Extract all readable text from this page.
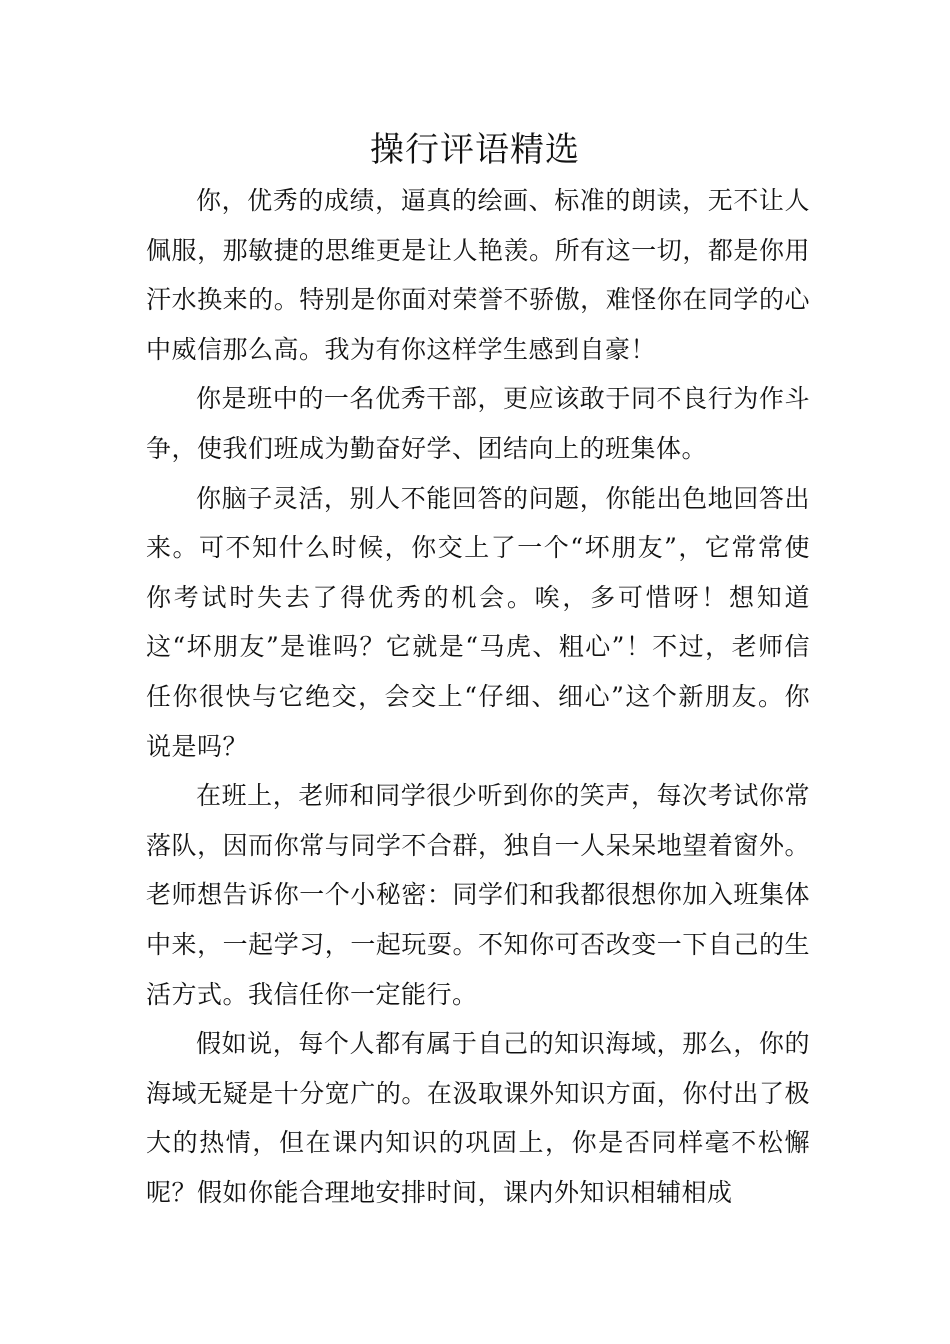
操行评语精选

你，优秀的成绩，逼真的绘画、标准的朗读，无不让人佩服，那敏捷的思维更是让人艳羡。所有这一切，都是你用汗水换来的。特别是你面对荣誉不骄傲，难怪你在同学的心中威信那么高。我为有你这样学生感到自豪！

你是班中的一名优秀干部，更应该敢于同不良行为作斗争，使我们班成为勤奋好学、团结向上的班集体。

你脑子灵活，别人不能回答的问题，你能出色地回答出来。可不知什么时候，你交上了一个“坏朋友”，它常常使你考试时失去了得优秀的机会。唉，多可惜呀！想知道这“坏朋友”是谁吗？它就是“马虎、粗心”！不过，老师信任你很快与它绝交，会交上“仔细、细心”这个新朋友。你说是吗？

在班上，老师和同学很少听到你的笑声，每次考试你常落队，因而你常与同学不合群，独自一人呆呆地望着窗外。老师想告诉你一个小秘密：同学们和我都很想你加入班集体中来，一起学习，一起玩耍。不知你可否改变一下自己的生活方式。我信任你一定能行。

假如说，每个人都有属于自己的知识海域，那么，你的海域无疑是十分宽广的。在汲取课外知识方面，你付出了极大的热情，但在课内知识的巩固上，你是否同样毫不松懈呢？假如你能合理地安排时间，课内外知识相辅相成
